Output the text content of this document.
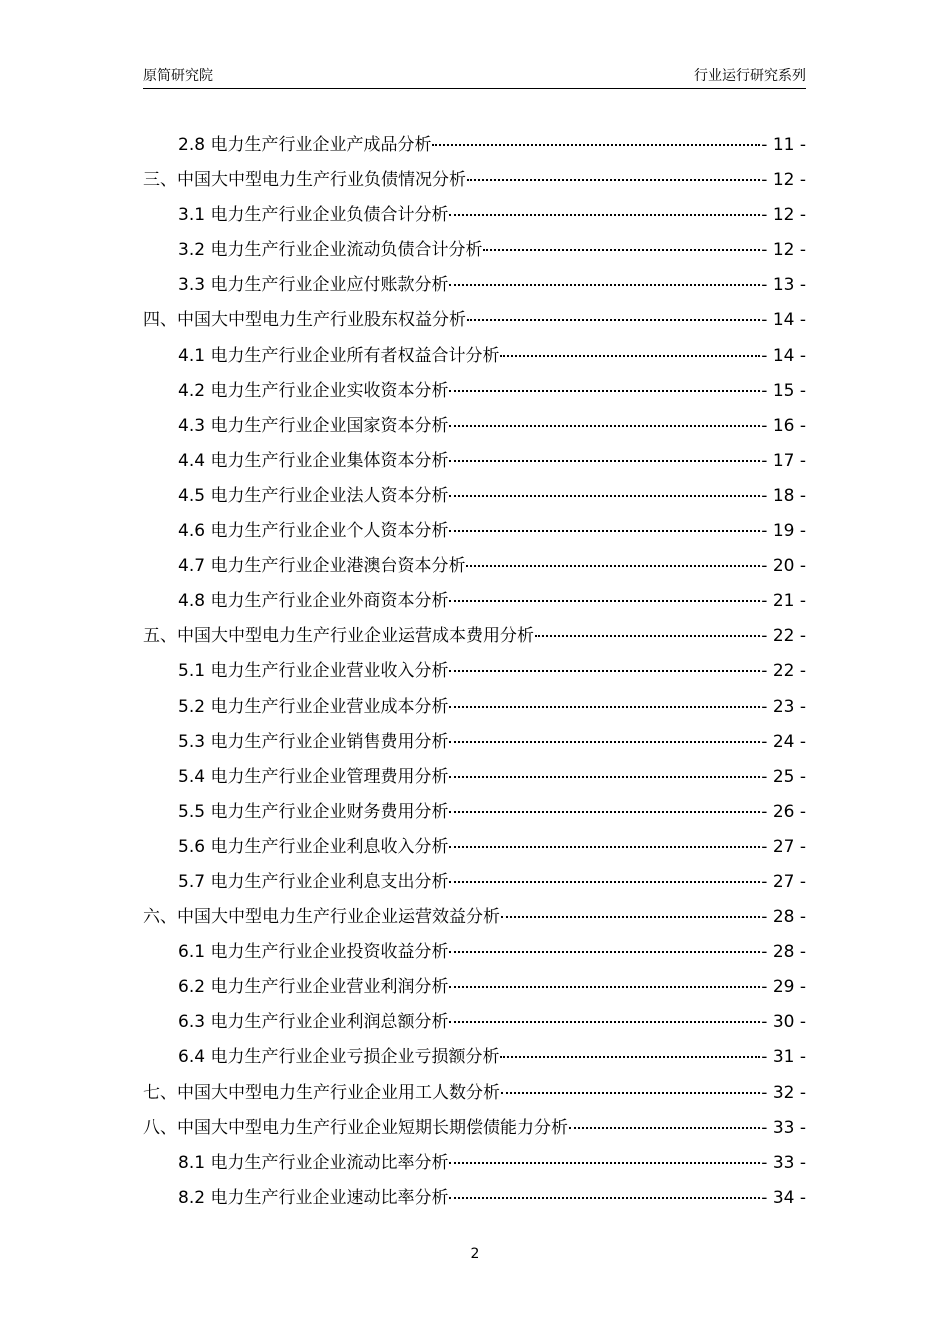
原简研究院	行业运行研究系列
2.8 电力生产行业企业产成品分析	- 11 -
三、中国大中型电力生产行业负债情况分析	- 12 -
3.1 电力生产行业企业负债合计分析	- 12 -
3.2 电力生产行业企业流动负债合计分析	- 12 -
3.3 电力生产行业企业应付账款分析	- 13 -
四、中国大中型电力生产行业股东权益分析	- 14 -
4.1 电力生产行业企业所有者权益合计分析	- 14 -
4.2 电力生产行业企业实收资本分析	- 15 -
4.3 电力生产行业企业国家资本分析	- 16 -
4.4 电力生产行业企业集体资本分析	- 17 -
4.5 电力生产行业企业法人资本分析	- 18 -
4.6 电力生产行业企业个人资本分析	- 19 -
4.7 电力生产行业企业港澳台资本分析	- 20 -
4.8 电力生产行业企业外商资本分析	- 21 -
五、中国大中型电力生产行业企业运营成本费用分析	- 22 -
5.1 电力生产行业企业营业收入分析	- 22 -
5.2 电力生产行业企业营业成本分析	- 23 -
5.3 电力生产行业企业销售费用分析	- 24 -
5.4 电力生产行业企业管理费用分析	- 25 -
5.5 电力生产行业企业财务费用分析	- 26 -
5.6 电力生产行业企业利息收入分析	- 27 -
5.7 电力生产行业企业利息支出分析	- 27 -
六、中国大中型电力生产行业企业运营效益分析	- 28 -
6.1 电力生产行业企业投资收益分析	- 28 -
6.2 电力生产行业企业营业利润分析	- 29 -
6.3 电力生产行业企业利润总额分析	- 30 -
6.4 电力生产行业企业亏损企业亏损额分析	- 31 -
七、中国大中型电力生产行业企业用工人数分析	- 32 -
八、中国大中型电力生产行业企业短期长期偿债能力分析	- 33 -
8.1 电力生产行业企业流动比率分析	- 33 -
8.2 电力生产行业企业速动比率分析	- 34 -
2
